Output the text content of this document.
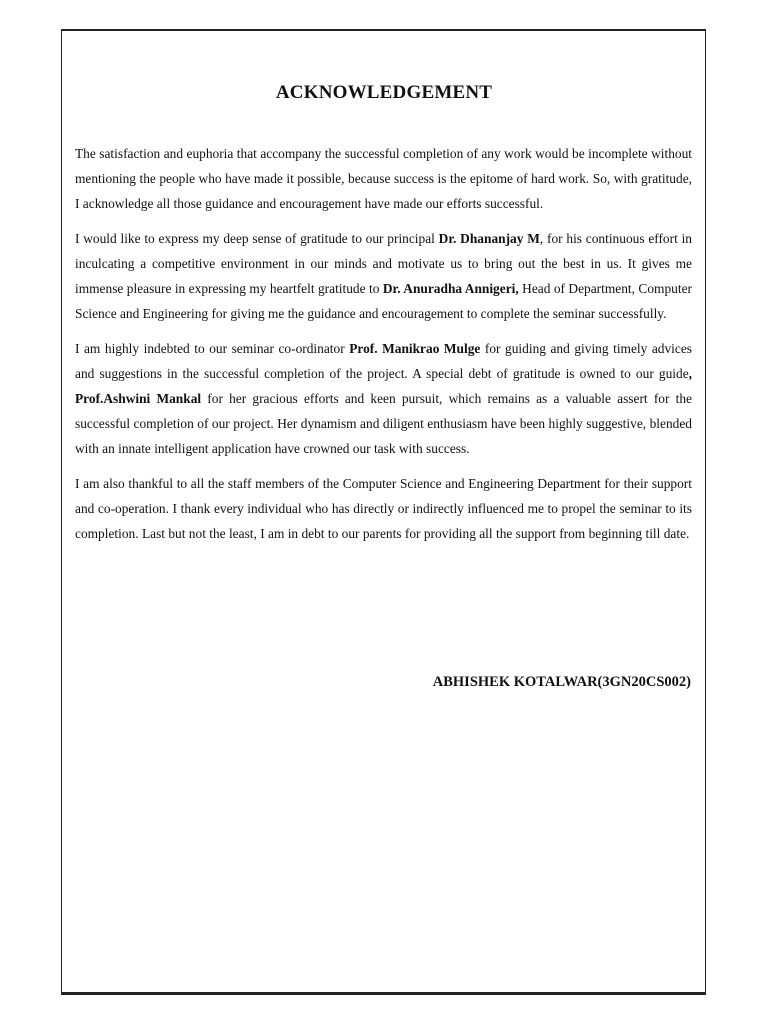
ACKNOWLEDGEMENT

The satisfaction and euphoria that accompany the successful completion of any work would be incomplete without mentioning the people who have made it possible, because success is the epitome of hard work. So, with gratitude, I acknowledge all those guidance and encouragement have made our efforts successful.

I would like to express my deep sense of gratitude to our principal Dr. Dhananjay M, for his continuous effort in inculcating a competitive environment in our minds and motivate us to bring out the best in us. It gives me immense pleasure in expressing my heartfelt gratitude to Dr. Anuradha Annigeri, Head of Department, Computer Science and Engineering for giving me the guidance and encouragement to complete the seminar successfully.

I am highly indebted to our seminar co-ordinator Prof. Manikrao Mulge for guiding and giving timely advices and suggestions in the successful completion of the project. A special debt of gratitude is owned to our guide, Prof.Ashwini Mankal for her gracious efforts and keen pursuit, which remains as a valuable assert for the successful completion of our project. Her dynamism and diligent enthusiasm have been highly suggestive, blended with an innate intelligent application have crowned our task with success.

I am also thankful to all the staff members of the Computer Science and Engineering Department for their support and co-operation. I thank every individual who has directly or indirectly influenced me to propel the seminar to its completion. Last but not the least, I am in debt to our parents for providing all the support from beginning till date.

ABHISHEK KOTALWAR(3GN20CS002)
